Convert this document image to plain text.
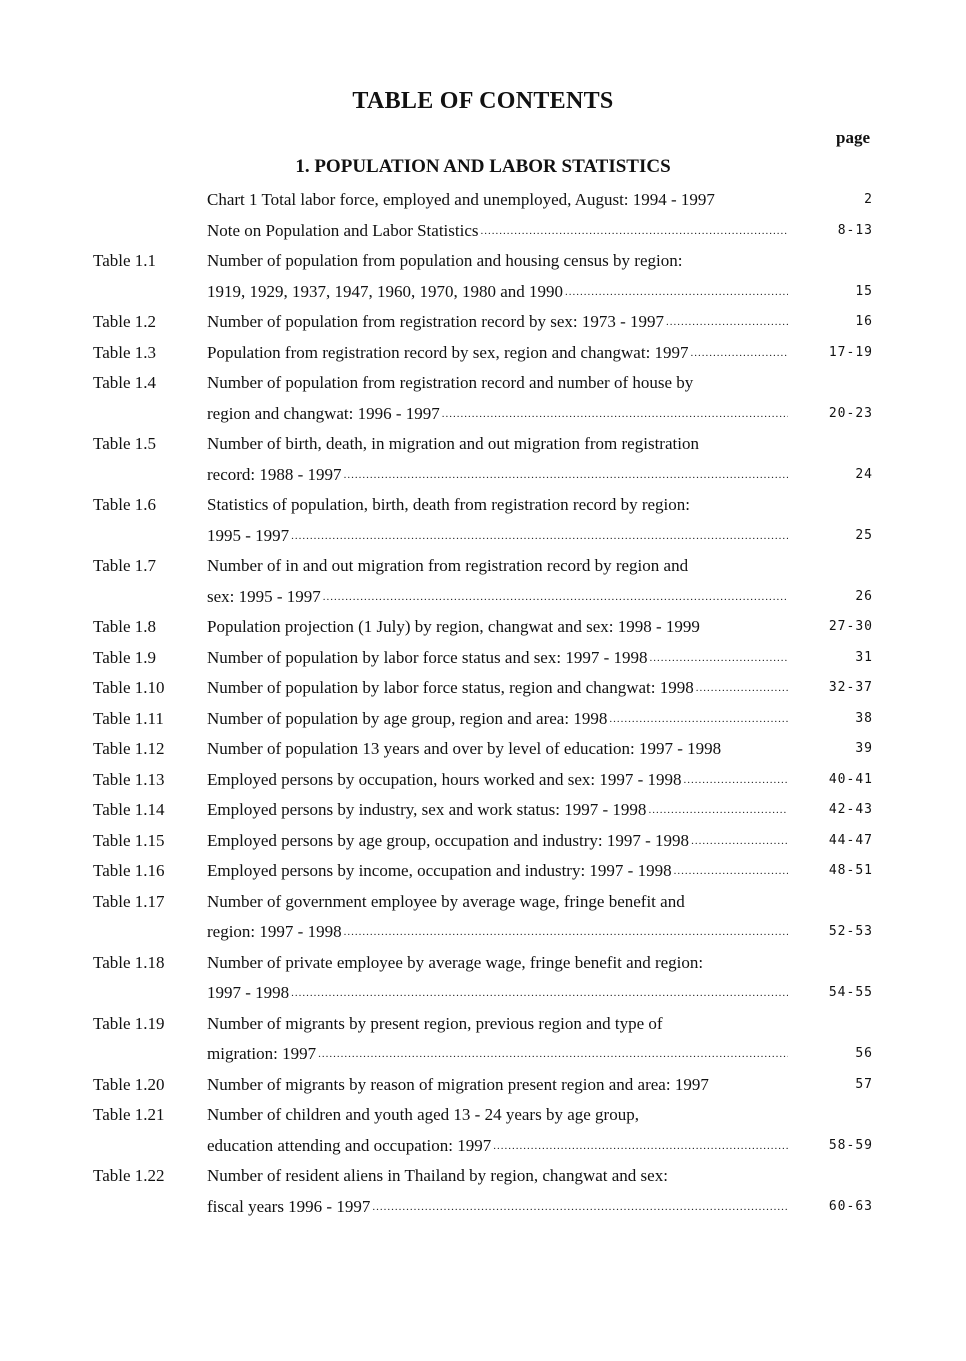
TABLE OF CONTENTS
page
1. POPULATION AND LABOR STATISTICS
Chart 1 Total labor force, employed and unemployed, August: 1994 - 1997	2
Note on Population and Labor Statistics .....	8-13
Table 1.1	Number of population from population and housing census by region:
1919, 1929, 1937, 1947, 1960, 1970, 1980 and 1990 .....	15
Table 1.2	Number of population from registration record by sex: 1973 - 1997 .....	16
Table 1.3	Population from registration record by sex, region and changwat: 1997 .....	17-19
Table 1.4	Number of population from registration record and number of house by
region and changwat: 1996 - 1997 .....	20-23
Table 1.5	Number of birth, death, in migration and out migration from registration
record: 1988 - 1997 .....	24
Table 1.6	Statistics of population, birth, death from registration record by region:
1995 - 1997 .....	25
Table 1.7	Number of in and out migration from registration record by region and
sex: 1995 - 1997 .....	26
Table 1.8	Population projection (1 July) by region, changwat and sex: 1998 - 1999	27-30
Table 1.9	Number of population by labor force status and sex: 1997 - 1998 .....	31
Table 1.10 Number of population by labor force status, region and changwat: 1998 .....	32-37
Table 1.11	Number of population by age group, region and area: 1998 .....	38
Table 1.12 Number of population 13 years and over by level of education: 1997 - 1998	39
Table 1.13 Employed persons by occupation, hours worked and sex: 1997 - 1998 .....	40-41
Table 1.14 Employed persons by industry, sex and work status: 1997 - 1998 .....	42-43
Table 1.15 Employed persons by age group, occupation and industry: 1997 - 1998 .....	44-47
Table 1.16 Employed persons by income, occupation and industry: 1997 - 1998 .....	48-51
Table 1.17 Number of government employee by average wage, fringe benefit and
region: 1997 - 1998 .....	52-53
Table 1.18 Number of private employee by average wage, fringe benefit and region:
1997 - 1998 .....	54-55
Table 1.19 Number of migrants by present region, previous region and type of
migration: 1997 .....	56
Table 1.20 Number of migrants by reason of migration present region and area: 1997	57
Table 1.21 Number of children and youth aged 13 - 24 years by age group,
education attending and occupation: 1997 .....	58-59
Table 1.22 Number of resident aliens in Thailand by region, changwat and sex:
fiscal years 1996 - 1997 .....	60-63
